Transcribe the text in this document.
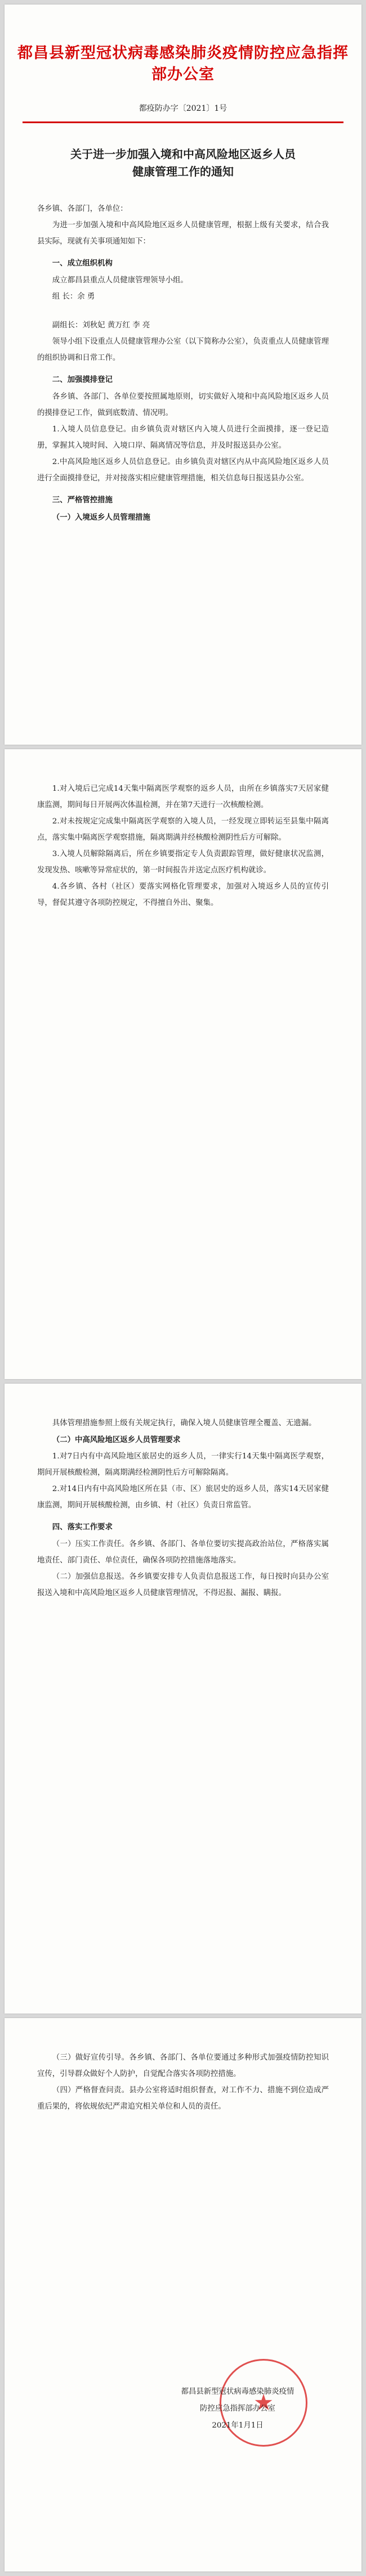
都昌县新型冠状病毒感染肺炎疫情防控应急指挥部办公室
都疫防办字〔2021〕1号
关于进一步加强入境和中高风险地区返乡人员
健康管理工作的通知

各乡镇、各部门，各单位：

为进一步加强入境和中高风险地区返乡人员健康管理，根据上级有关要求，结合我县实际，现就有关事项通知如下：

一、成立组织机构

成立都昌县重点人员健康管理领导小组。

组 长：余 勇

副组长：刘秋妃 黄万红 李 亮

领导小组下设重点人员健康管理办公室（以下简称办公室），负责重点人员健康管理的组织协调和日常工作。

二、加强摸排登记

各乡镇、各部门、各单位要按照属地原则，切实做好入境和中高风险地区返乡人员的摸排登记工作，做到底数清、情况明。

1.入境人员信息登记。由乡镇负责对辖区内入境人员进行全面摸排，逐一登记造册，掌握其入境时间、入境口岸、隔离情况等信息，并及时报送县办公室。

2.中高风险地区返乡人员信息登记。由乡镇负责对辖区内从中高风险地区返乡人员进行全面摸排登记，并对接落实相应健康管理措施，相关信息每日报送县办公室。

三、严格管控措施

（一）入境返乡人员管理措施

1.对入境后已完成14天集中隔离医学观察的返乡人员，由所在乡镇落实7天居家健康监测，期间每日开展两次体温检测，并在第7天进行一次核酸检测。

2.对未按规定完成集中隔离医学观察的入境人员，一经发现立即转运至县集中隔离点，落实集中隔离医学观察措施，隔离期满并经核酸检测阴性后方可解除。

3.入境人员解除隔离后，所在乡镇要指定专人负责跟踪管理，做好健康状况监测，发现发热、咳嗽等异常症状的，第一时间报告并送定点医疗机构就诊。

4.各乡镇、各村（社区）要落实网格化管理要求，加强对入境返乡人员的宣传引导，督促其遵守各项防控规定，不得擅自外出、聚集。

具体管理措施参照上级有关规定执行，确保入境人员健康管理全覆盖、无遗漏。

（二）中高风险地区返乡人员管理要求

1.对7日内有中高风险地区旅居史的返乡人员，一律实行14天集中隔离医学观察，期间开展核酸检测，隔离期满经检测阴性后方可解除隔离。

2.对14日内有中高风险地区所在县（市、区）旅居史的返乡人员，落实14天居家健康监测，期间开展核酸检测，由乡镇、村（社区）负责日常监管。

四、落实工作要求

（一）压实工作责任。各乡镇、各部门、各单位要切实提高政治站位，严格落实属地责任、部门责任、单位责任，确保各项防控措施落地落实。

（二）加强信息报送。各乡镇要安排专人负责信息报送工作，每日按时向县办公室报送入境和中高风险地区返乡人员健康管理情况，不得迟报、漏报、瞒报。

（三）做好宣传引导。各乡镇、各部门、各单位要通过多种形式加强疫情防控知识宣传，引导群众做好个人防护，自觉配合落实各项防控措施。

（四）严格督查问责。县办公室将适时组织督查，对工作不力、措施不到位造成严重后果的，将依规依纪严肃追究相关单位和人员的责任。

★
都昌县新型冠状病毒感染肺炎疫情
防控应急指挥部办公室
2021年1月1日
